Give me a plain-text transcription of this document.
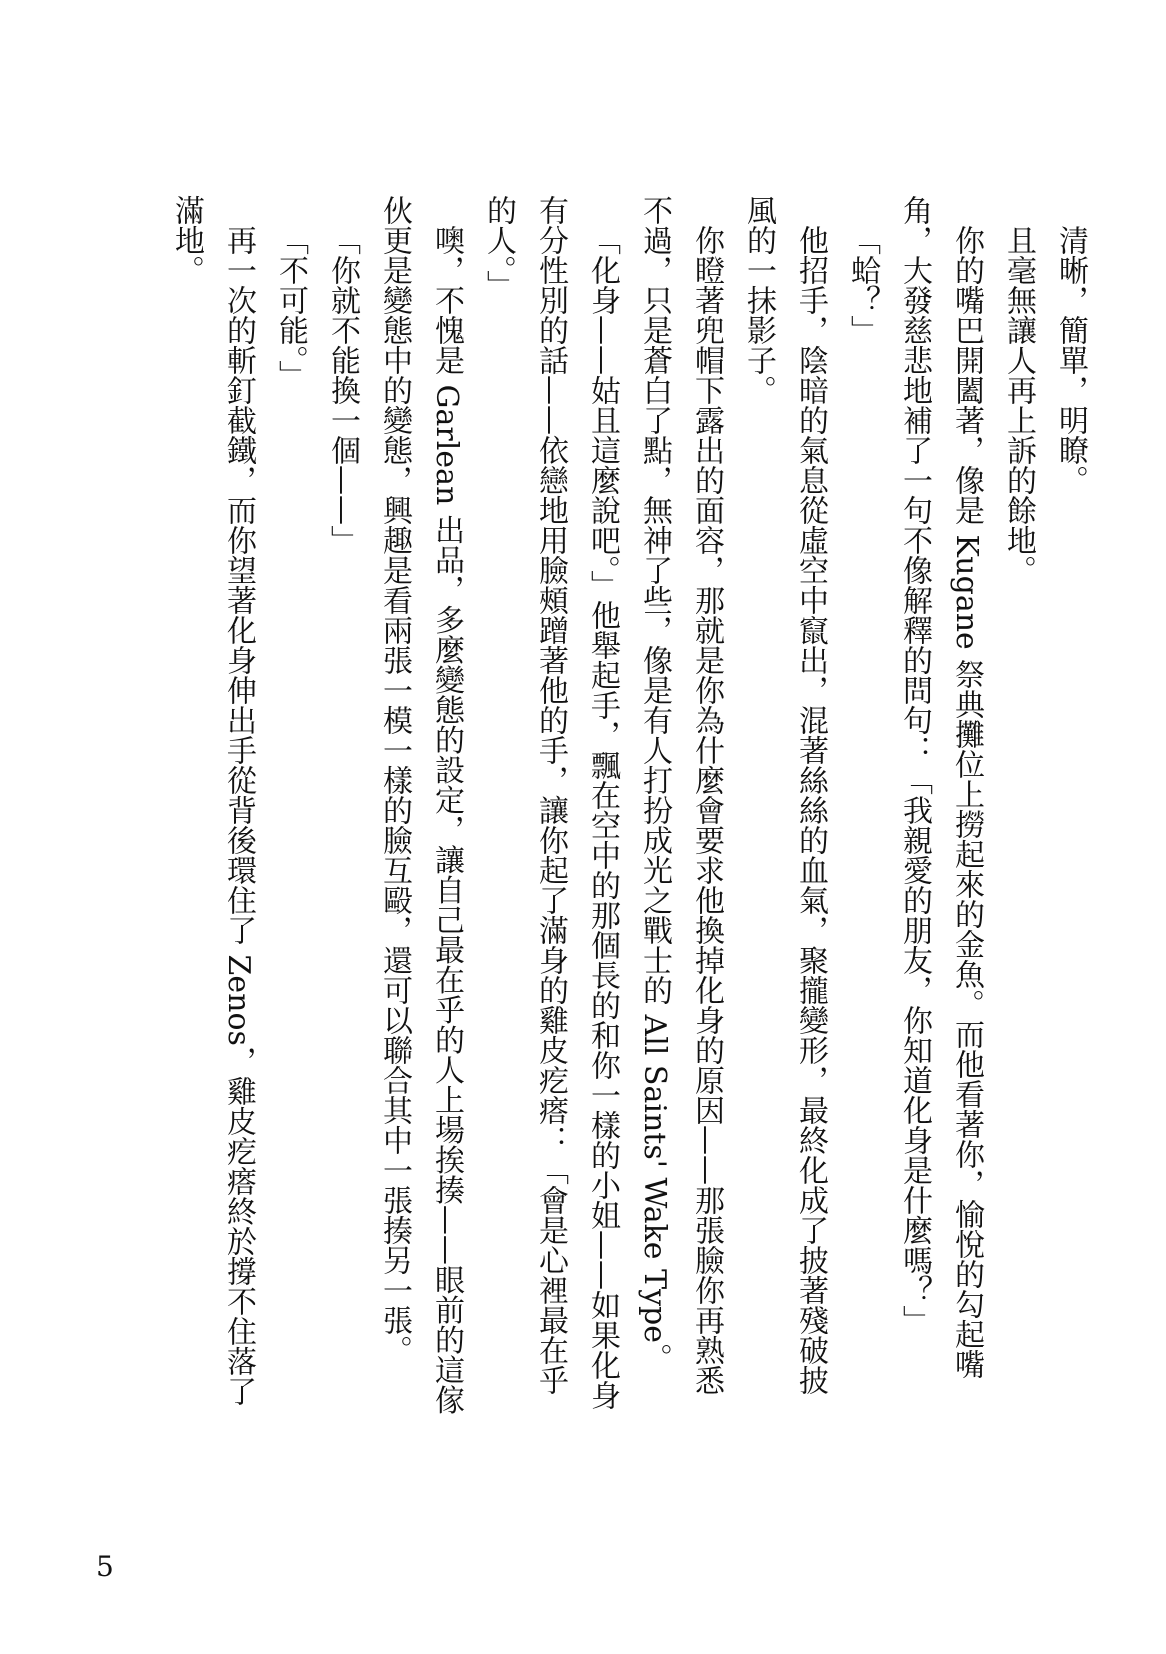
清晰，簡單，明瞭。

且毫無讓人再上訴的餘地。

你的嘴巴開闔著，像是 Kugane 祭典攤位上撈起來的金魚。而他看著你，愉悅的勾起嘴角，大發慈悲地補了一句不像解釋的問句：「我親愛的朋友，你知道化身是什麼嗎？」

「蛤？」

他招手，陰暗的氣息從虛空中竄出，混著絲絲的血氣，聚攏變形，最終化成了披著殘破披風的一抹影子。

你瞪著兜帽下露出的面容，那就是你為什麼會要求他換掉化身的原因——那張臉你再熟悉不過，只是蒼白了點，無神了些，像是有人打扮成光之戰士的 All Saints' Wake Type。

「化身——姑且這麼說吧。」他舉起手，飄在空中的那個長的和你一樣的小姐——如果化身有分性別的話——依戀地用臉頰蹭著他的手，讓你起了滿身的雞皮疙瘩：「會是心裡最在乎的人。」

噢，不愧是 Garlean 出品，多麼變態的設定，讓自己最在乎的人上場挨揍——眼前的這傢伙更是變態中的變態，興趣是看兩張一模一樣的臉互毆，還可以聯合其中一張揍另一張。

「你就不能換一個——」

「不可能。」

再一次的斬釘截鐵，而你望著化身伸出手從背後環住了 Zenos，雞皮疙瘩終於撐不住落了滿地。

5
